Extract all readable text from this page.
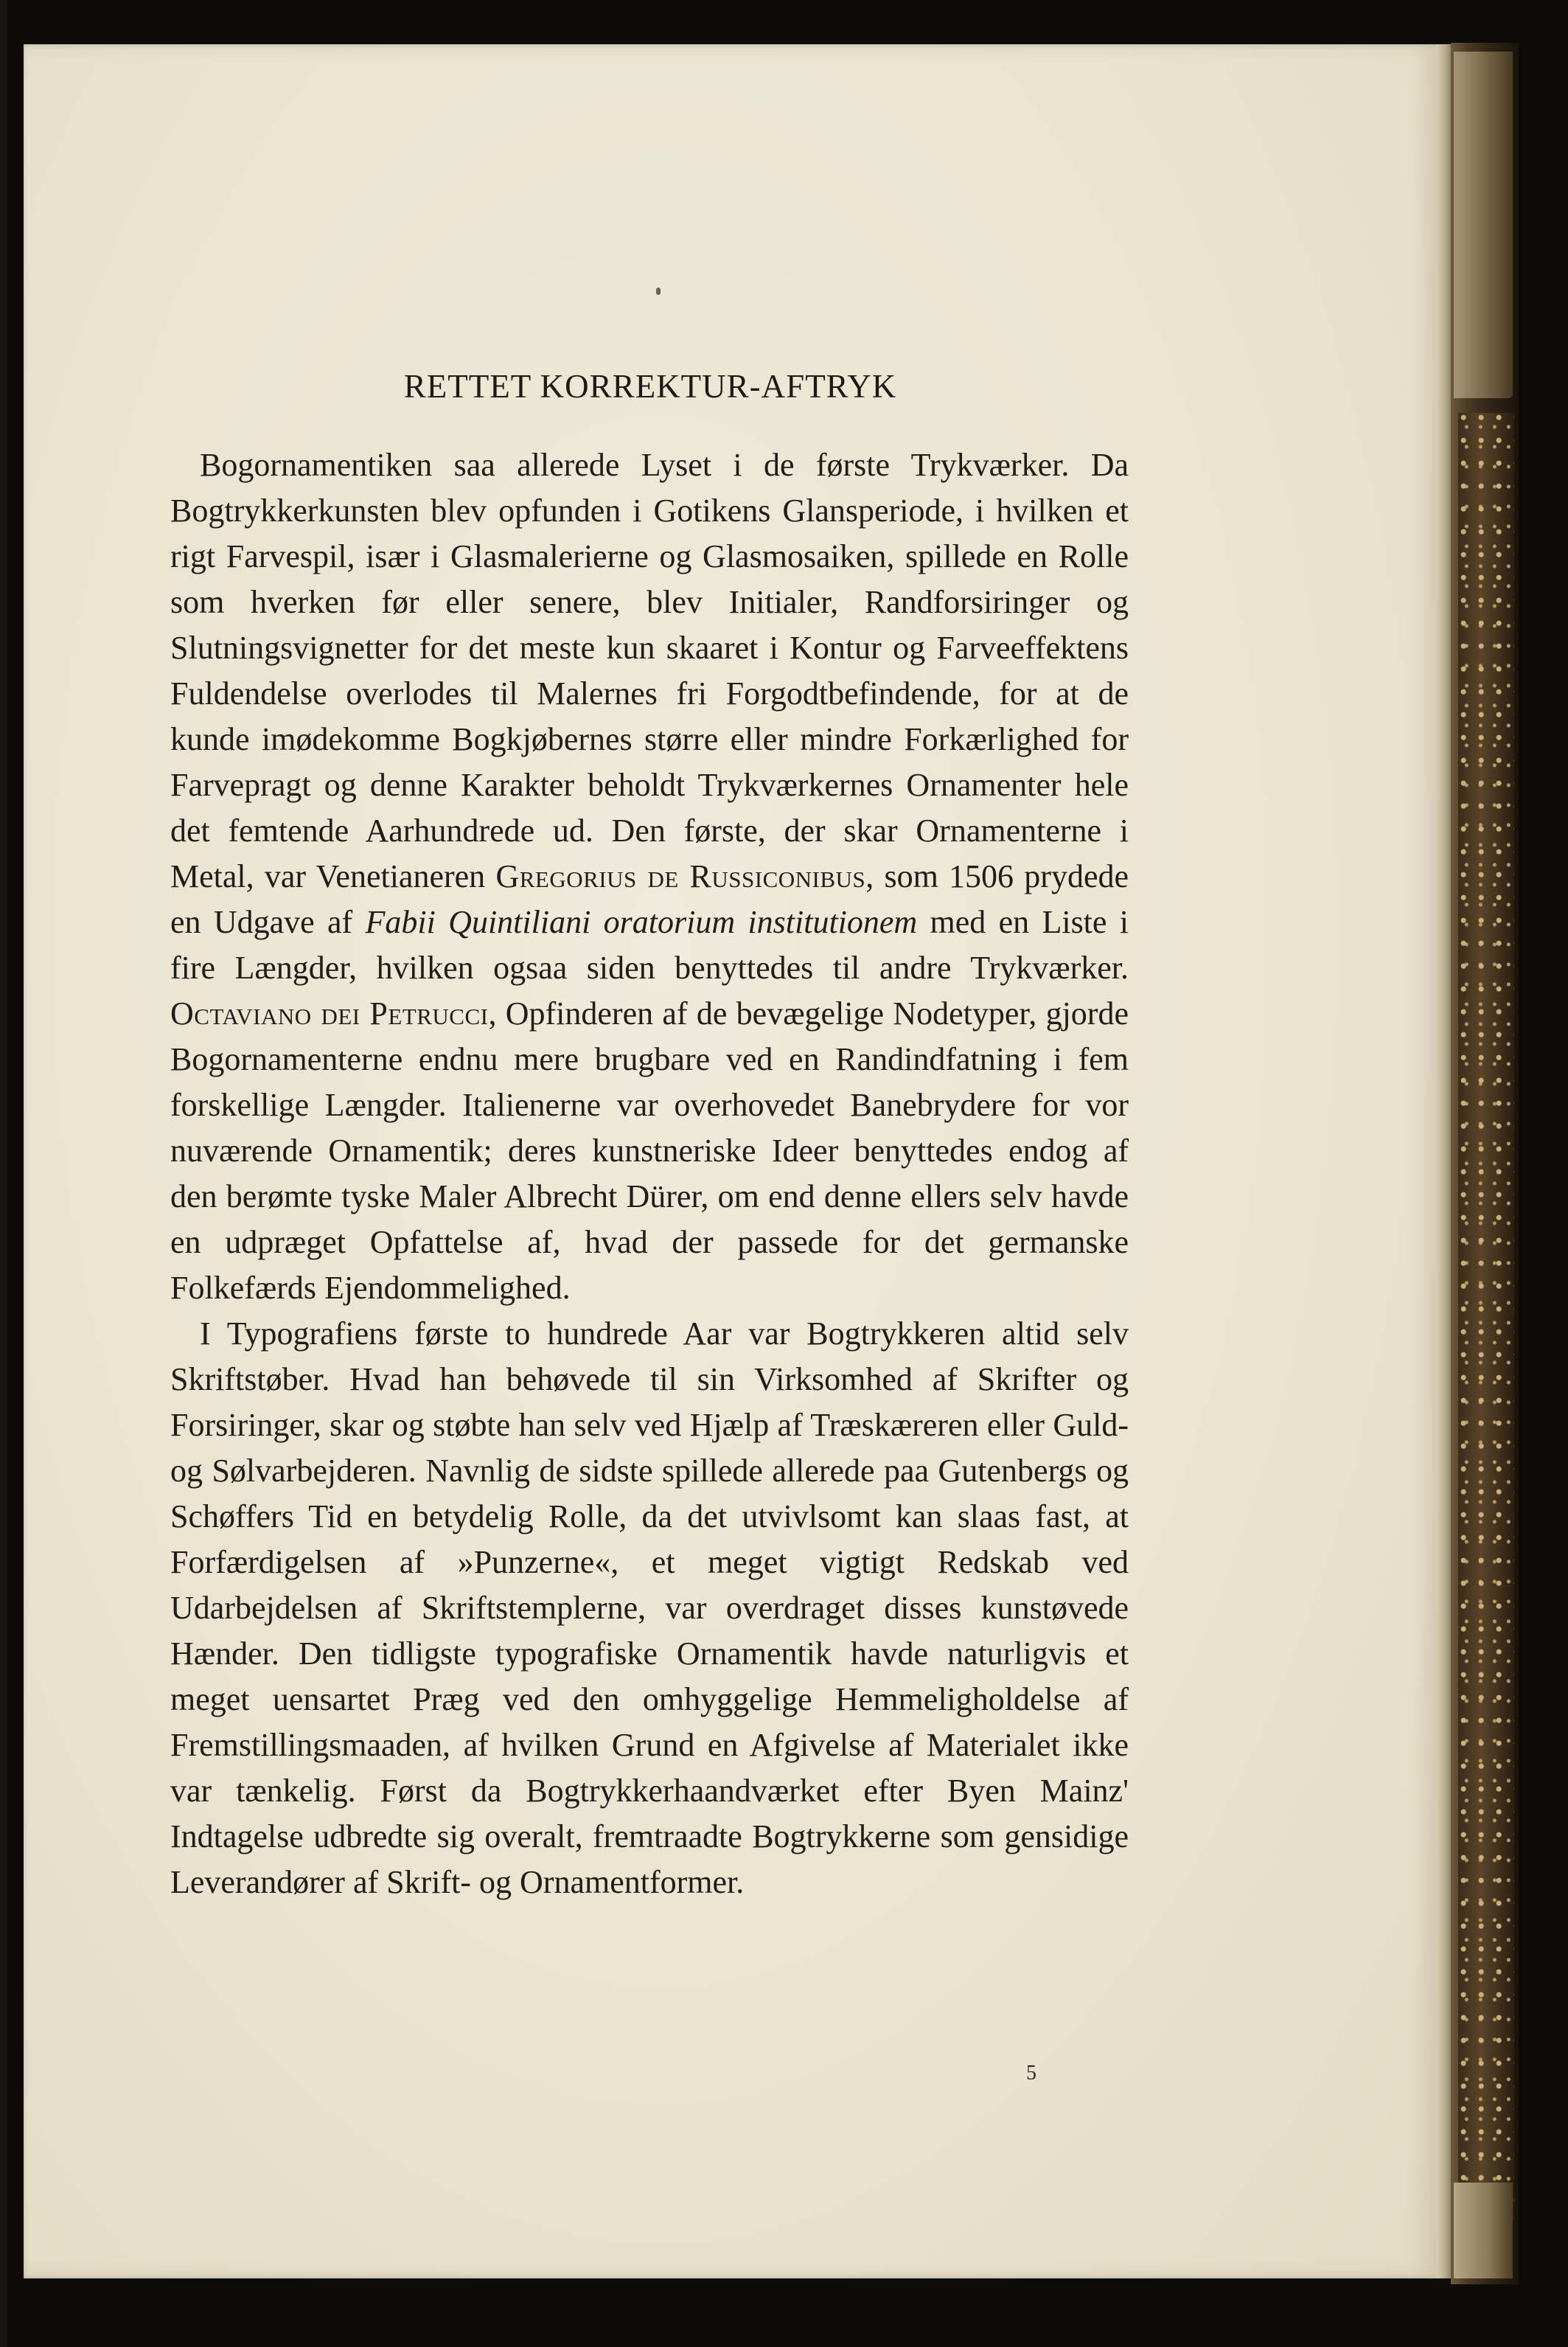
RETTET KORREKTUR-AFTRYK

Bogornamentiken saa allerede Lyset i de første Trykværker. Da Bogtrykkerkunsten blev opfunden i Gotikens Glansperiode, i hvilken et rigt Farvespil, især i Glasmalerierne og Glasmosaiken, spillede en Rolle som hverken før eller senere, blev Initialer, Randforsiringer og Slutningsvignetter for det meste kun skaaret i Kontur og Farveeffektens Fuldendelse overlodes til Malernes fri Forgodtbefindende, for at de kunde imødekomme Bogkjøbernes større eller mindre Forkærlighed for Farvepragt og denne Karakter beholdt Trykværkernes Ornamenter hele det femtende Aarhundrede ud. Den første, der skar Ornamenterne i Metal, var Venetianeren Gregorius de Russiconibus, som 1506 prydede en Udgave af Fabii Quintiliani oratorium institutionem med en Liste i fire Længder, hvilken ogsaa siden benyttedes til andre Trykværker. Octaviano dei Petrucci, Opfinderen af de bevægelige Nodetyper, gjorde Bogornamenterne endnu mere brugbare ved en Randindfatning i fem forskellige Længder. Italienerne var overhovedet Banebrydere for vor nuværende Ornamentik; deres kunstneriske Ideer benyttedes endog af den berømte tyske Maler Albrecht Dürer, om end denne ellers selv havde en udpræget Opfattelse af, hvad der passede for det germanske Folkefærds Ejendommelighed.

I Typografiens første to hundrede Aar var Bogtrykkeren altid selv Skriftstøber. Hvad han behøvede til sin Virksomhed af Skrifter og Forsiringer, skar og støbte han selv ved Hjælp af Træskæreren eller Guld- og Sølvarbejderen. Navnlig de sidste spillede allerede paa Gutenbergs og Schøffers Tid en betydelig Rolle, da det utvivlsomt kan slaas fast, at Forfærdigelsen af »Punzerne«, et meget vigtigt Redskab ved Udarbejdelsen af Skriftstemplerne, var overdraget disses kunstøvede Hænder. Den tidligste typografiske Ornamentik havde naturligvis et meget uensartet Præg ved den omhyggelige Hemmeligholdelse af Fremstillingsmaaden, af hvilken Grund en Afgivelse af Materialet ikke var tænkelig. Først da Bogtrykkerhaandværket efter Byen Mainz' Indtagelse udbredte sig overalt, fremtraadte Bogtrykkerne som gensidige Leverandører af Skrift- og Ornamentformer.

5
